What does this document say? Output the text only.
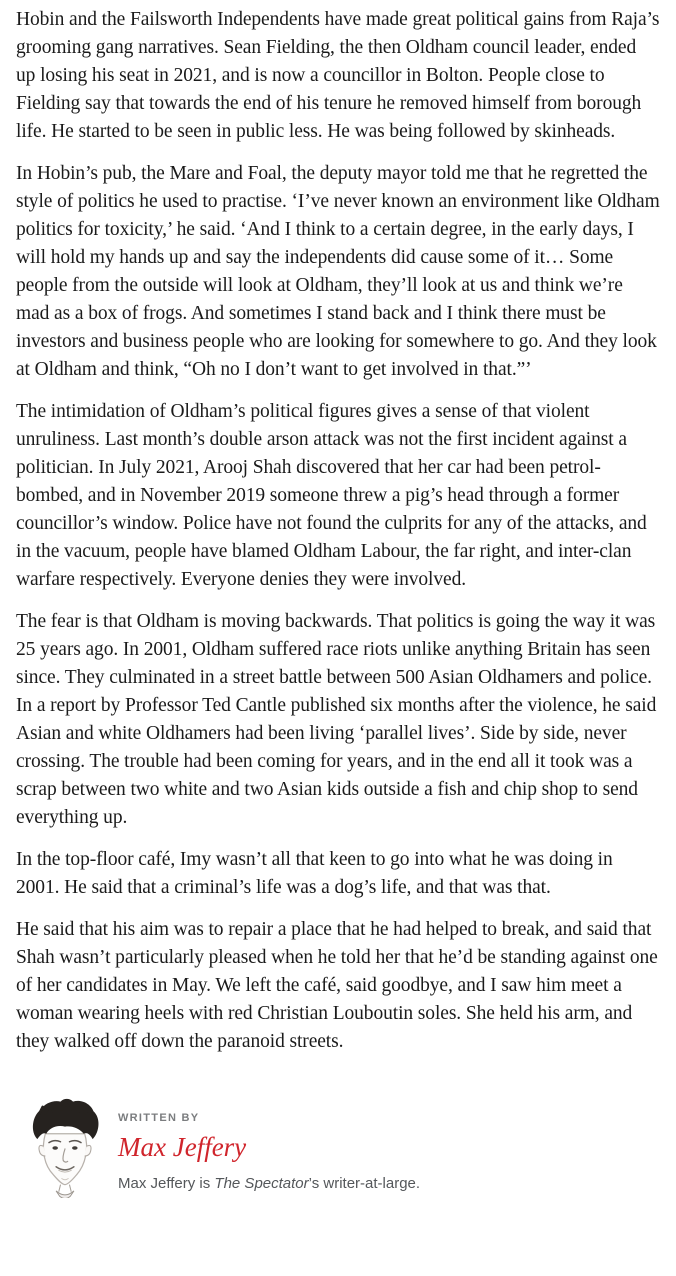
Hobin and the Failsworth Independents have made great political gains from Raja’s grooming gang narratives. Sean Fielding, the then Oldham council leader, ended up losing his seat in 2021, and is now a councillor in Bolton. People close to Fielding say that towards the end of his tenure he removed himself from borough life. He started to be seen in public less. He was being followed by skinheads.

In Hobin’s pub, the Mare and Foal, the deputy mayor told me that he regretted the style of politics he used to practise. ‘I’ve never known an environment like Oldham politics for toxicity,’ he said. ‘And I think to a certain degree, in the early days, I will hold my hands up and say the independents did cause some of it… Some people from the outside will look at Oldham, they’ll look at us and think we’re mad as a box of frogs. And sometimes I stand back and I think there must be investors and business people who are looking for somewhere to go. And they look at Oldham and think, “Oh no I don’t want to get involved in that.”’

The intimidation of Oldham’s political figures gives a sense of that violent unruliness. Last month’s double arson attack was not the first incident against a politician. In July 2021, Arooj Shah discovered that her car had been petrol-bombed, and in November 2019 someone threw a pig’s head through a former councillor’s window. Police have not found the culprits for any of the attacks, and in the vacuum, people have blamed Oldham Labour, the far right, and inter-clan warfare respectively. Everyone denies they were involved.

The fear is that Oldham is moving backwards. That politics is going the way it was 25 years ago. In 2001, Oldham suffered race riots unlike anything Britain has seen since. They culminated in a street battle between 500 Asian Oldhamers and police. In a report by Professor Ted Cantle published six months after the violence, he said Asian and white Oldhamers had been living ‘parallel lives’. Side by side, never crossing. The trouble had been coming for years, and in the end all it took was a scrap between two white and two Asian kids outside a fish and chip shop to send everything up.

In the top-floor café, Imy wasn’t all that keen to go into what he was doing in 2001. He said that a criminal’s life was a dog’s life, and that was that.

He said that his aim was to repair a place that he had helped to break, and said that Shah wasn’t particularly pleased when he told her that he’d be standing against one of her candidates in May. We left the café, said goodbye, and I saw him meet a woman wearing heels with red Christian Louboutin soles. She held his arm, and they walked off down the paranoid streets.

WRITTEN BY
Max Jeffery
Max Jeffery is The Spectator’s writer-at-large.
